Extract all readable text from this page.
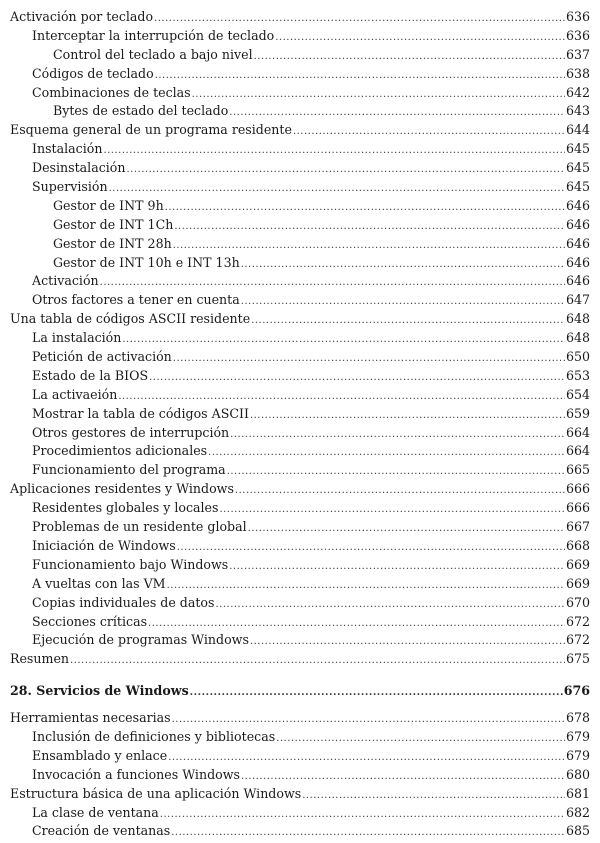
Activación por teclado .....	636
Interceptar la interrupción de teclado .....	636
Control del teclado a bajo nivel .....	637
Códigos de teclado .....	638
Combinaciones de teclas .....	642
Bytes de estado del teclado .....	643
Esquema general de un programa residente .....	644
Instalación .....	645
Desinstalación .....	645
Supervisión .....	645
Gestor de INT 9h .....	646
Gestor de INT 1Ch .....	646
Gestor de INT 28h .....	646
Gestor de INT 10h e INT 13h .....	646
Activación .....	646
Otros factores a tener en cuenta .....	647
Una tabla de códigos ASCII residente .....	648
La instalación .....	648
Petición de activación .....	650
Estado de la BIOS .....	653
La activaeión .....	654
Mostrar la tabla de códigos ASCII .....	659
Otros gestores de interrupción .....	664
Procedimientos adicionales .....	664
Funcionamiento del programa .....	665
Aplicaciones residentes y Windows .....	666
Residentes globales y locales .....	666
Problemas de un residente global .....	667
Iniciación de Windows .....	668
Funcionamiento bajo Windows .....	669
A vueltas con las VM .....	669
Copias individuales de datos .....	670
Secciones críticas .....	672
Ejecución de programas Windows .....	672
Resumen .....	675
28. Servicios de Windows .....	676
Herramientas necesarias .....	678
Inclusión de definiciones y bibliotecas .....	679
Ensamblado y enlace .....	679
Invocación a funciones Windows .....	680
Estructura básica de una aplicación Windows .....	681
La clase de ventana .....	682
Creación de ventanas .....	685
